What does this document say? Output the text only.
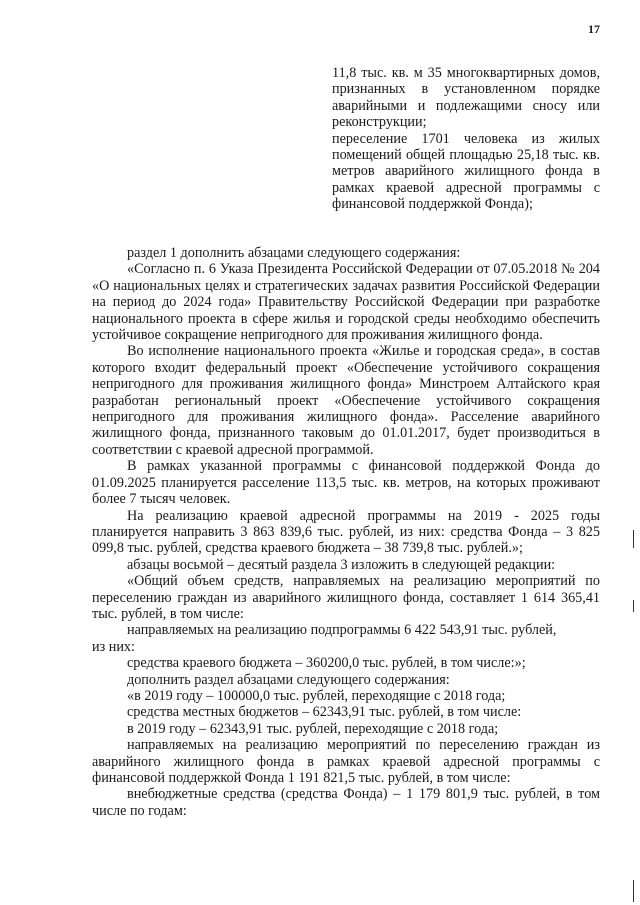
17
11,8 тыс. кв. м 35 многоквартирных домов, признанных в установленном порядке аварийными и подлежащими сносу или реконструкции;
переселение 1701 человека из жилых помещений общей площадью 25,18 тыс. кв. метров аварийного жилищного фонда в рамках краевой адресной программы с финансовой поддержкой Фонда);
раздел 1 дополнить абзацами следующего содержания:
«Согласно п. 6 Указа Президента Российской Федерации от 07.05.2018 № 204 «О национальных целях и стратегических задачах развития Российской Федерации на период до 2024 года» Правительству Российской Федерации при разработке национального проекта в сфере жилья и городской среды необходимо обеспечить устойчивое сокращение непригодного для проживания жилищного фонда.
Во исполнение национального проекта «Жилье и городская среда», в состав которого входит федеральный проект «Обеспечение устойчивого сокращения непригодного для проживания жилищного фонда» Минстроем Алтайского края разработан региональный проект «Обеспечение устойчивого сокращения непригодного для проживания жилищного фонда». Расселение аварийного жилищного фонда, признанного таковым до 01.01.2017, будет производиться в соответствии с краевой адресной программой.
В рамках указанной программы с финансовой поддержкой Фонда до 01.09.2025 планируется расселение 113,5 тыс. кв. метров, на которых проживают более 7 тысяч человек.
На реализацию краевой адресной программы на 2019 - 2025 годы планируется направить 3 863 839,6 тыс. рублей, из них: средства Фонда – 3 825 099,8 тыс. рублей, средства краевого бюджета – 38 739,8 тыс. рублей.»;
абзацы восьмой – десятый раздела 3 изложить в следующей редакции:
«Общий объем средств, направляемых на реализацию мероприятий по переселению граждан из аварийного жилищного фонда, составляет 1 614 365,41 тыс. рублей, в том числе:
направляемых на реализацию подпрограммы 6 422 543,91 тыс. рублей,
из них:
средства краевого бюджета – 360200,0 тыс. рублей, в том числе:»;
дополнить раздел абзацами следующего содержания:
«в 2019 году – 100000,0 тыс. рублей, переходящие с 2018 года;
средства местных бюджетов – 62343,91 тыс. рублей, в том числе:
в 2019 году – 62343,91 тыс. рублей, переходящие с 2018 года;
направляемых на реализацию мероприятий по переселению граждан из аварийного жилищного фонда в рамках краевой адресной программы с финансовой поддержкой Фонда 1 191 821,5 тыс. рублей, в том числе:
внебюджетные средства (средства Фонда) – 1 179 801,9 тыс. рублей, в том числе по годам:
